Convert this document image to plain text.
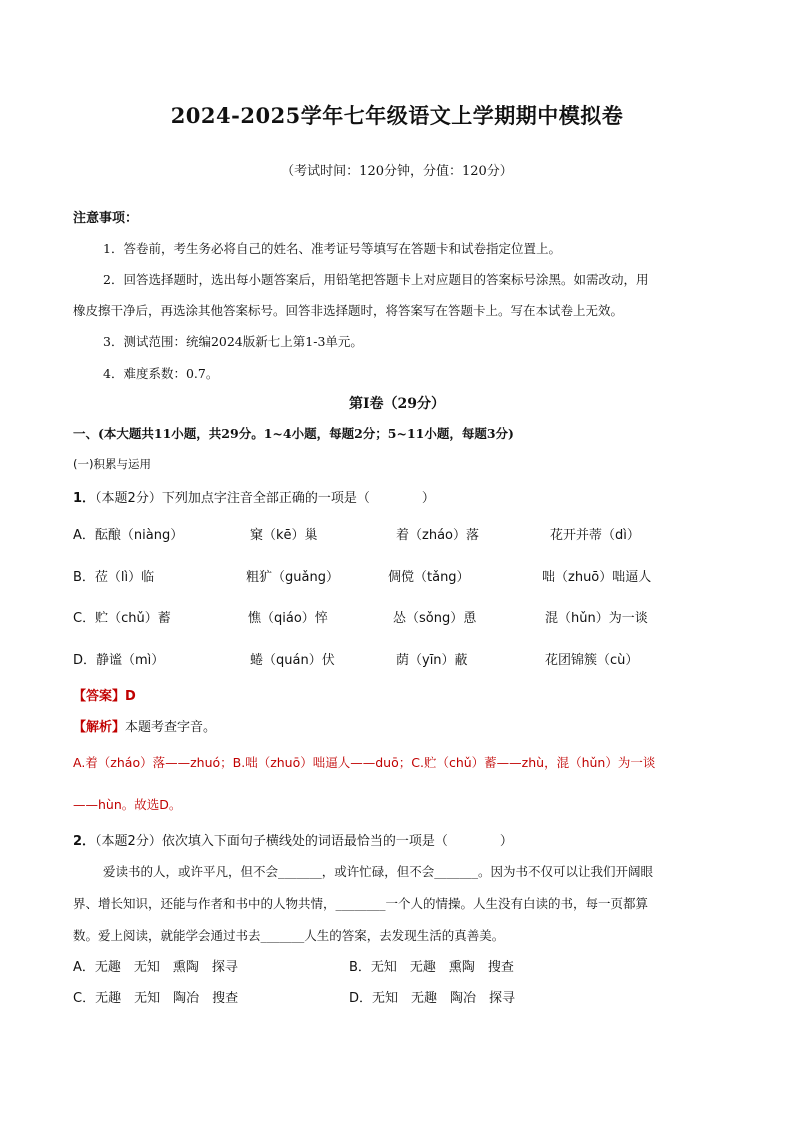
2024-2025学年七年级语文上学期期中模拟卷
（考试时间：120分钟，分值：120分）
注意事项：
1．答卷前，考生务必将自己的姓名、准考证号等填写在答题卡和试卷指定位置上。
2．回答选择题时，选出每小题答案后，用铅笔把答题卡上对应题目的答案标号涂黑。如需改动，用
橡皮擦干净后，再选涂其他答案标号。回答非选择题时，将答案写在答题卡上。写在本试卷上无效。
3．测试范围：统编2024版新七上第1-3单元。
4．难度系数：0.7。
第Ⅰ卷（29分）
一、(本大题共11小题，共29分。1~4小题，每题2分；5~11小题，每题3分)
(一)积累与运用
1．（本题2分）下列加点字注音全部正确的一项是（　　　　）
A．酝酿（niàng）	窠（kē）巢	着（zháo）落	花开并蒂（dì）
B．莅（lì）临	粗犷（guǎng）	倜傥（tǎng）	咄（zhuō）咄逼人
C．贮（chǔ）蓄	憔（qiáo）悴	怂（sǒng）恿	混（hǔn）为一谈
D．静谧（mì）	蜷（quán）伏	荫（yīn）蔽	花团锦簇（cù）
【答案】D
【解析】本题考查字音。
A.着（zháo）落——zhuó；B.咄（zhuō）咄逼人——duō；C.贮（chǔ）蓄——zhù，混（hǔn）为一谈
——hùn。故选D。
2．（本题2分）依次填入下面句子横线处的词语最恰当的一项是（　　　　）
爱读书的人，或许平凡，但不会_______，或许忙碌，但不会_______。因为书不仅可以让我们开阔眼
界、增长知识，还能与作者和书中的人物共情，________一个人的情操。人生没有白读的书，每一页都算
数。爱上阅读，就能学会通过书去_______人生的答案，去发现生活的真善美。
A．无趣　无知　熏陶　探寻	B．无知　无趣　熏陶　搜查
C．无趣　无知　陶冶　搜查	D．无知　无趣　陶冶　探寻
